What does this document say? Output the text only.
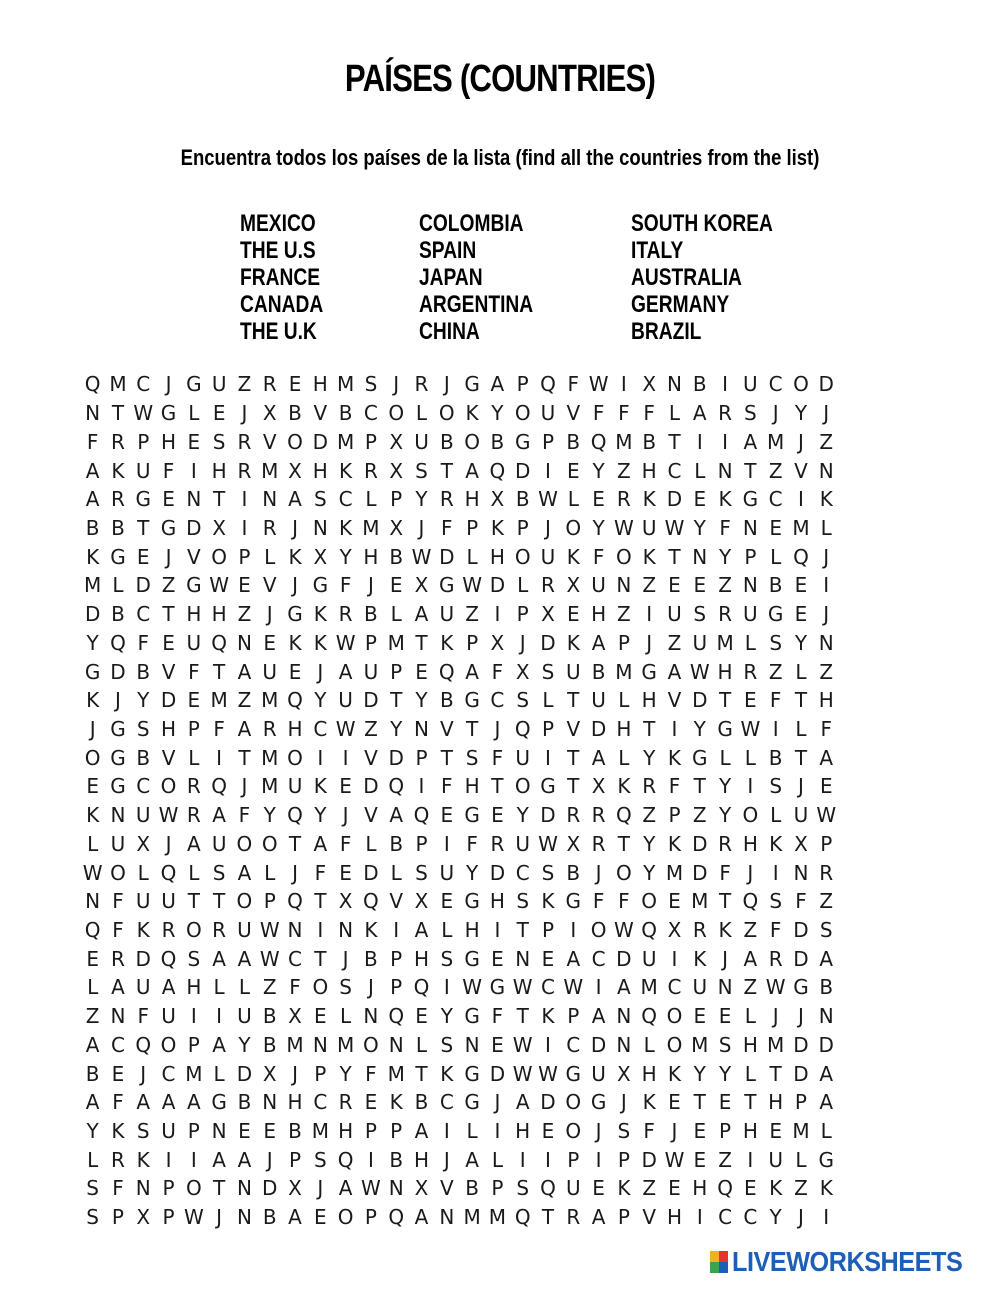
PAÍSES (COUNTRIES)
Encuentra todos los países de la lista (find all the countries from the list)
MEXICO
THE U.S
FRANCE
CANADA
THE U.K
COLOMBIA
SPAIN
JAPAN
ARGENTINA
CHINA
SOUTH KOREA
ITALY
AUSTRALIA
GERMANY
BRAZIL
Q M C J G U Z R E H M S J R J G A P Q F W I X N B I U C O D
N T W G L E J X B V B C O L O K Y O U V F F F L A R S J Y J
F R P H E S R V O D M P X U B O B G P B Q M B T I I A M J Z
A K U F I H R M X H K R X S T A Q D I E Y Z H C L N T Z V N
A R G E N T I N A S C L P Y R H X B W L E R K D E K G C I K
B B T G D X I R J N K M X J F P K P J O Y W U W Y F N E M L
K G E J V O P L K X Y H B W D L H O U K F O K T N Y P L Q J
M L D Z G W E V J G F J E X G W D L R X U N Z E E Z N B E I
D B C T H H Z J G K R B L A U Z I P X E H Z I U S R U G E J
Y Q F E U Q N E K K W P M T K P X J D K A P J Z U M L S Y N
G D B V F T A U E J A U P E Q A F X S U B M G A W H R Z L Z
K J Y D E M Z M Q Y U D T Y B G C S L T U L H V D T E F T H
J G S H P F A R H C W Z Y N V T J Q P V D H T I Y G W I L F
O G B V L I T M O I I V D P T S F U I T A L Y K G L L B T A
E G C O R Q J M U K E D Q I F H T O G T X K R F T Y I S J E
K N U W R A F Y Q Y J V A Q E G E Y D R R Q Z P Z Y O L U W
L U X J A U O O T A F L B P I F R U W X R T Y K D R H K X P
W O L Q L S A L J F E D L S U Y D C S B J O Y M D F J I N R
N F U U T T O P Q T X Q V X E G H S K G F F O E M T Q S F Z
Q F K R O R U W N I N K I A L H I T P I O W Q X R K Z F D S
E R D Q S A A W C T J B P H S G E N E A C D U I K J A R D A
L A U A H L L Z F O S J P Q I W G W C W I A M C U N Z W G B
Z N F U I I U B X E L N Q E Y G F T K P A N Q O E E L J J N
A C Q O P A Y B M N M O N L S N E W I C D N L O M S H M D D
B E J C M L D X J P Y F M T K G D W W G U X H K Y Y L T D A
A F A A A G B N H C R E K B C G J A D O G J K E T E T H P A
Y K S U P N E E B M H P P A I L I H E O J S F J E P H E M L
L R K I I A A J P S Q I B H J A L I I P I P D W E Z I U L G
S F N P O T N D X J A W N X V B P S Q U E K Z E H Q E K Z K
S P X P W J N B A E O P Q A N M M Q T R A P V H I C C Y J I
LIVEWORKSHEETS
